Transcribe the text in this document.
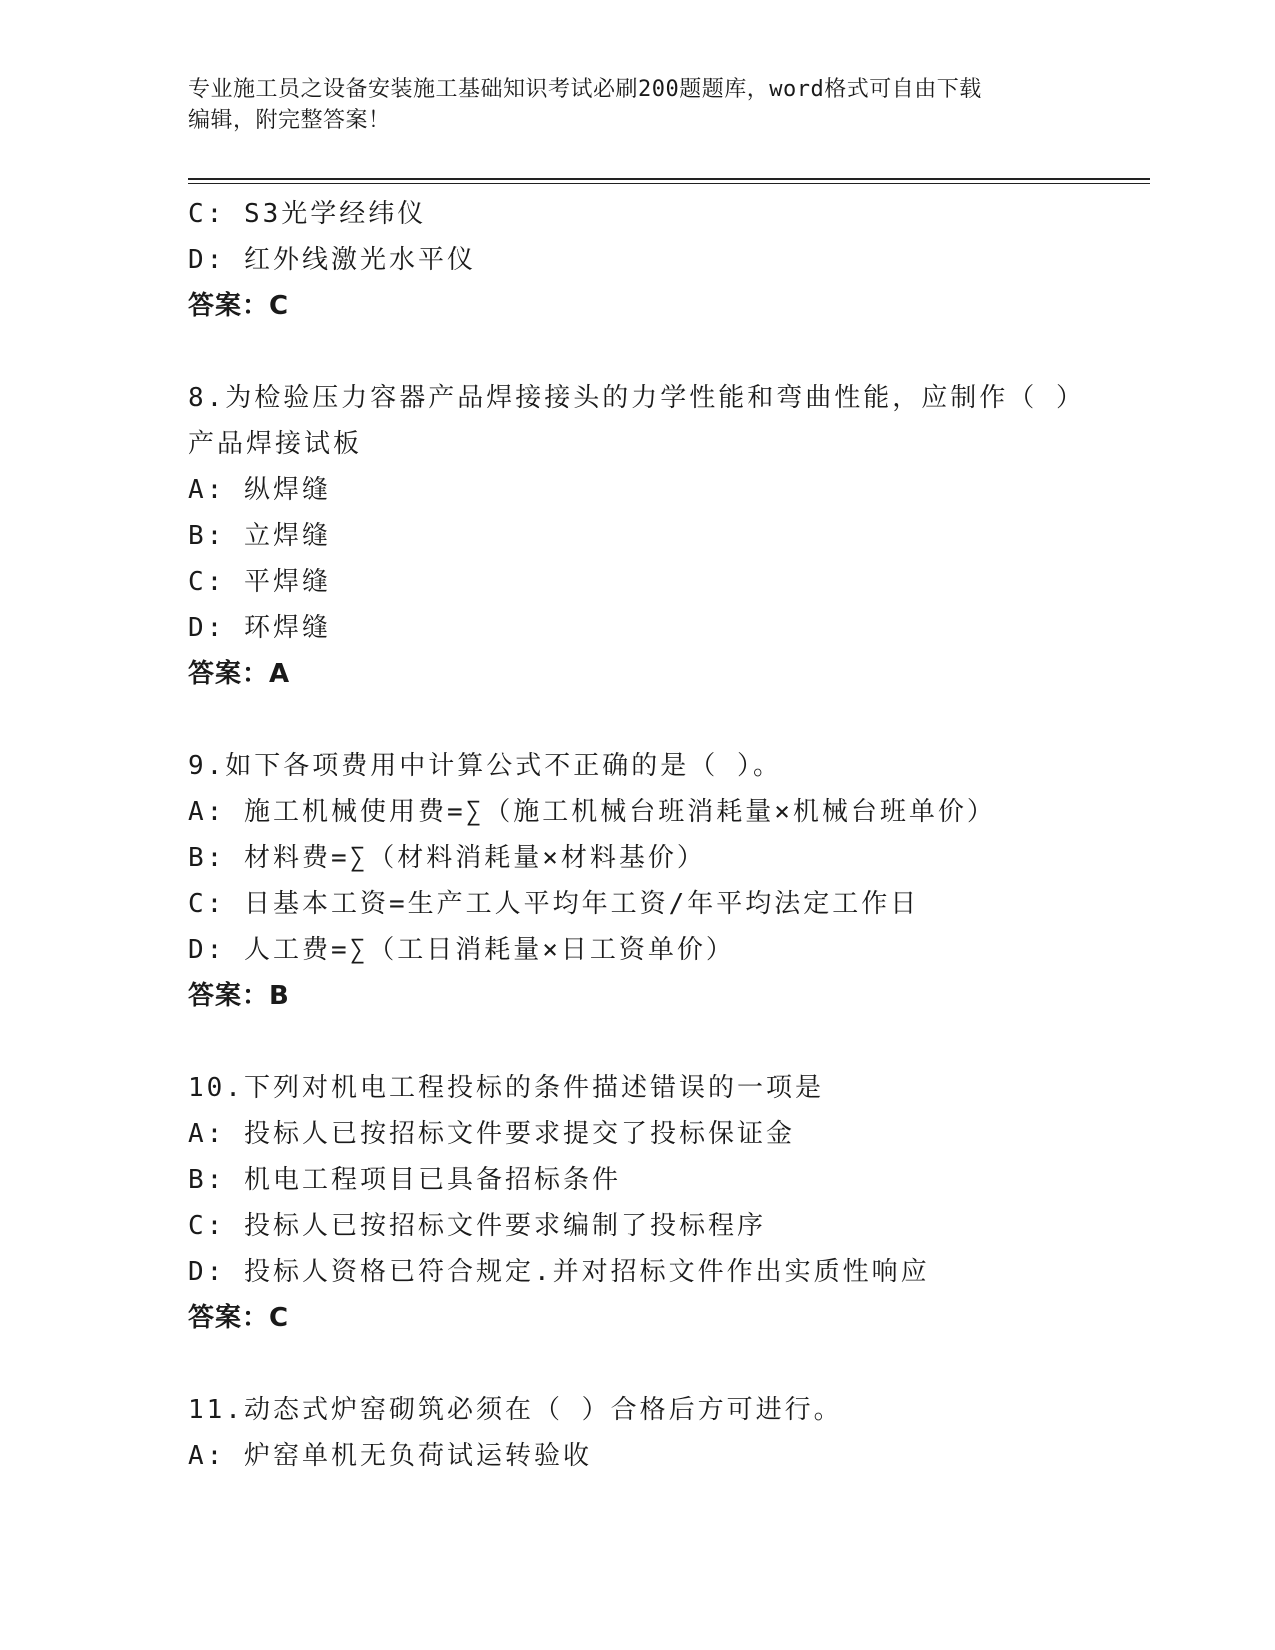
专业施工员之设备安装施工基础知识考试必刷200题题库，word格式可自由下载
编辑，附完整答案！
C: S3光学经纬仪
D: 红外线激光水平仪
答案：C
8.为检验压力容器产品焊接接头的力学性能和弯曲性能，应制作（ ）
产品焊接试板
A: 纵焊缝
B: 立焊缝
C: 平焊缝
D: 环焊缝
答案：A
9.如下各项费用中计算公式不正确的是（ ）。
A: 施工机械使用费=∑（施工机械台班消耗量×机械台班单价）
B: 材料费=∑（材料消耗量×材料基价）
C: 日基本工资=生产工人平均年工资/年平均法定工作日
D: 人工费=∑（工日消耗量×日工资单价）
答案：B
10.下列对机电工程投标的条件描述错误的一项是
A: 投标人已按招标文件要求提交了投标保证金
B: 机电工程项目已具备招标条件
C: 投标人已按招标文件要求编制了投标程序
D: 投标人资格已符合规定.并对招标文件作出实质性响应
答案：C
11.动态式炉窑砌筑必须在（ ）合格后方可进行。
A: 炉窑单机无负荷试运转验收
